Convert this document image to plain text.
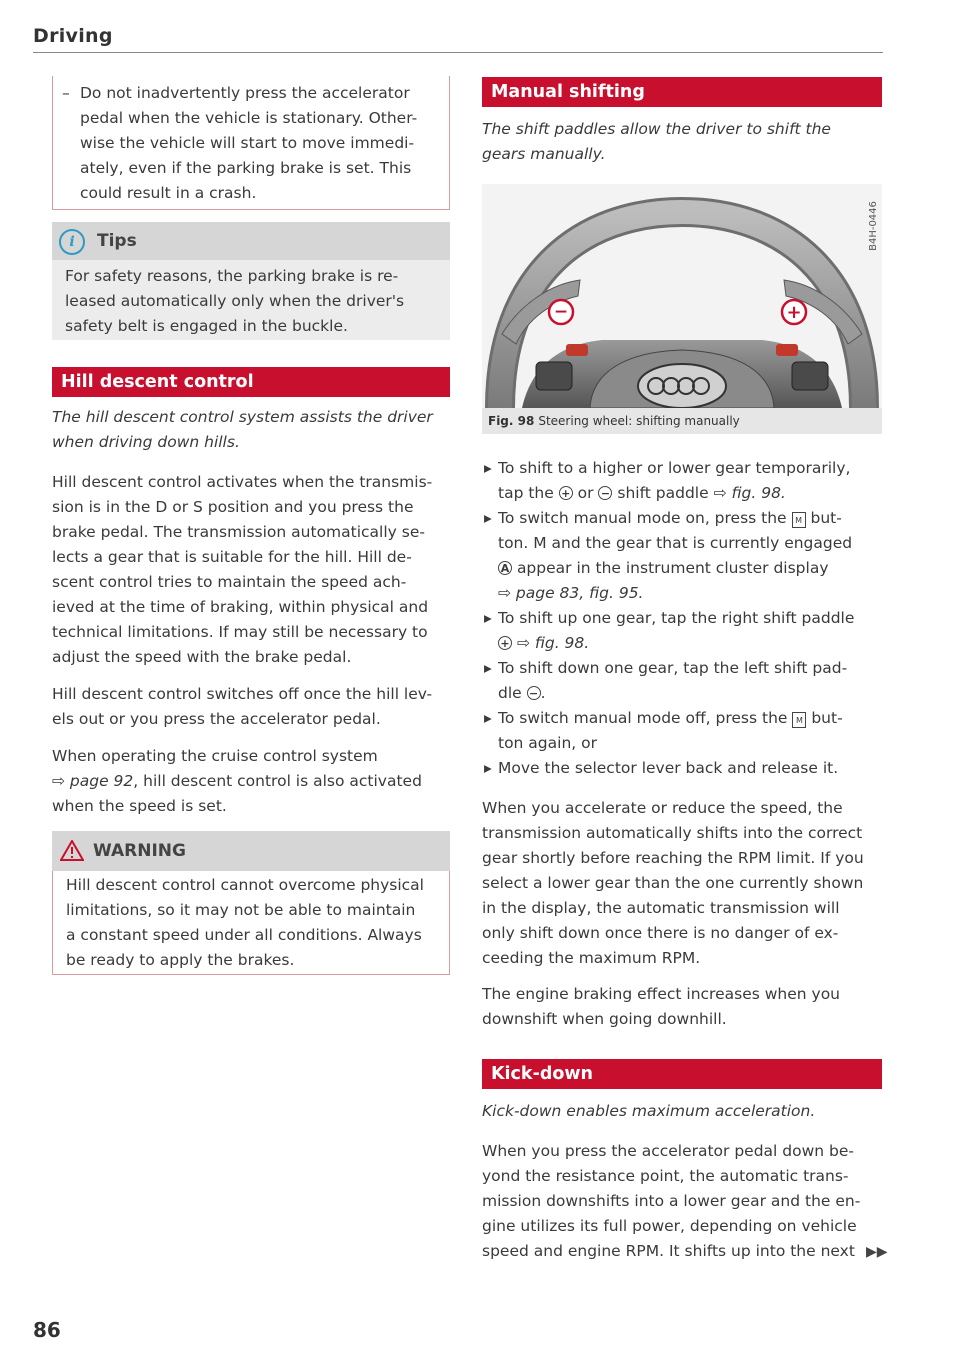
Driving
– Do not inadvertently press the accelerator
pedal when the vehicle is stationary. Other-
wise the vehicle will start to move immedi-
ately, even if the parking brake is set. This
could result in a crash.
i	Tips
For safety reasons, the parking brake is re-
leased automatically only when the driver's
safety belt is engaged in the buckle.
Hill descent control
The hill descent control system assists the driver
when driving down hills.
Hill descent control activates when the transmis-
sion is in the D or S position and you press the
brake pedal. The transmission automatically se-
lects a gear that is suitable for the hill. Hill de-
scent control tries to maintain the speed ach-
ieved at the time of braking, within physical and
technical limitations. If may still be necessary to
adjust the speed with the brake pedal.
Hill descent control switches off once the hill lev-
els out or you press the accelerator pedal.
When operating the cruise control system
⇨ page 92, hill descent control is also activated
when the speed is set.
WARNING
Hill descent control cannot overcome physical
limitations, so it may not be able to maintain
a constant speed under all conditions. Always
be ready to apply the brakes.
Manual shifting
The shift paddles allow the driver to shift the
gears manually.
−	+
B4H-0446
Fig. 98 Steering wheel: shifting manually
▸ To shift to a higher or lower gear temporarily,
tap the + or − shift paddle ⇨ fig. 98.
▸ To switch manual mode on, press the M but-
ton. M and the gear that is currently engaged
A appear in the instrument cluster display
⇨ page 83, fig. 95.
▸ To shift up one gear, tap the right shift paddle
+ ⇨ fig. 98.
▸ To shift down one gear, tap the left shift pad-
dle − .
▸ To switch manual mode off, press the M but-
ton again, or
▸ Move the selector lever back and release it.
When you accelerate or reduce the speed, the
transmission automatically shifts into the correct
gear shortly before reaching the RPM limit. If you
select a lower gear than the one currently shown
in the display, the automatic transmission will
only shift down once there is no danger of ex-
ceeding the maximum RPM.
The engine braking effect increases when you
downshift when going downhill.
Kick-down
Kick-down enables maximum acceleration.
When you press the accelerator pedal down be-
yond the resistance point, the automatic trans-
mission downshifts into a lower gear and the en-
gine utilizes its full power, depending on vehicle
speed and engine RPM. It shifts up into the next ▶▶
86
